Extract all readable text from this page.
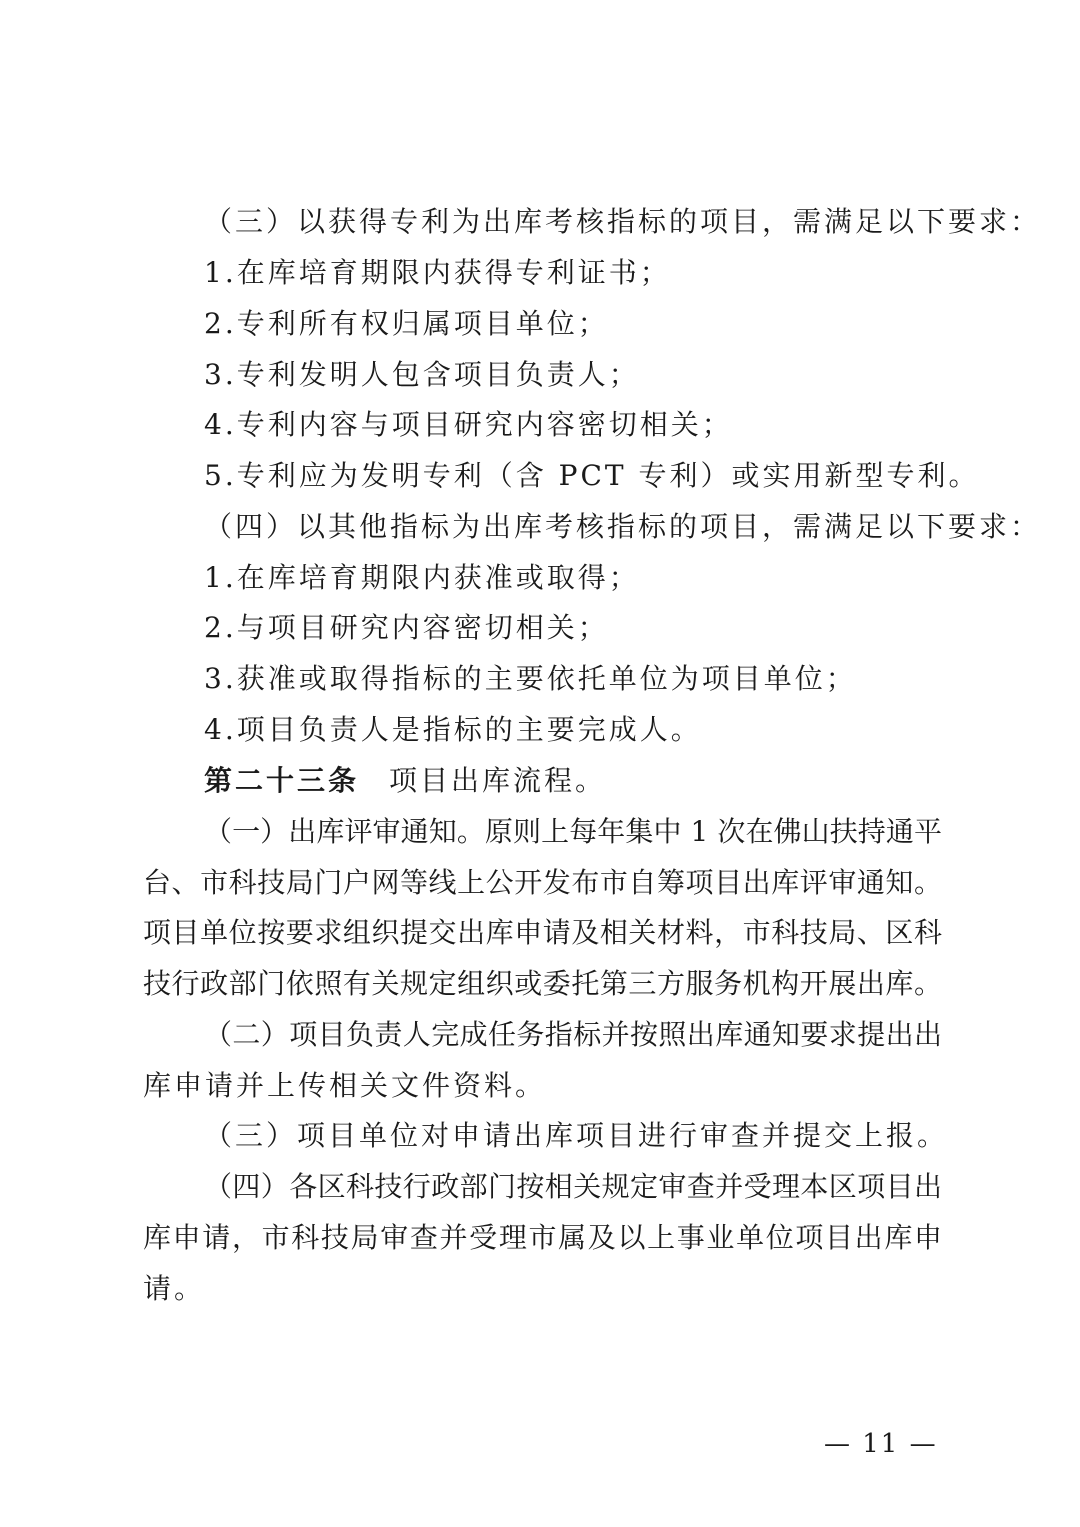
（三）以获得专利为出库考核指标的项目，需满足以下要求：
1.在库培育期限内获得专利证书；
2.专利所有权归属项目单位；
3.专利发明人包含项目负责人；
4.专利内容与项目研究内容密切相关；
5.专利应为发明专利（含 PCT 专利）或实用新型专利。
（四）以其他指标为出库考核指标的项目，需满足以下要求：
1.在库培育期限内获准或取得；
2.与项目研究内容密切相关；
3.获准或取得指标的主要依托单位为项目单位；
4.项目负责人是指标的主要完成人。
第二十三条 项目出库流程。
（一）出库评审通知。原则上每年集中 1 次在佛山扶持通平
台、市科技局门户网等线上公开发布市自筹项目出库评审通知。
项目单位按要求组织提交出库申请及相关材料，市科技局、区科
技行政部门依照有关规定组织或委托第三方服务机构开展出库。
（二）项目负责人完成任务指标并按照出库通知要求提出出
库申请并上传相关文件资料。
（三）项目单位对申请出库项目进行审查并提交上报。
（四）各区科技行政部门按相关规定审查并受理本区项目出
库申请，市科技局审查并受理市属及以上事业单位项目出库申
请。
— 11 —
